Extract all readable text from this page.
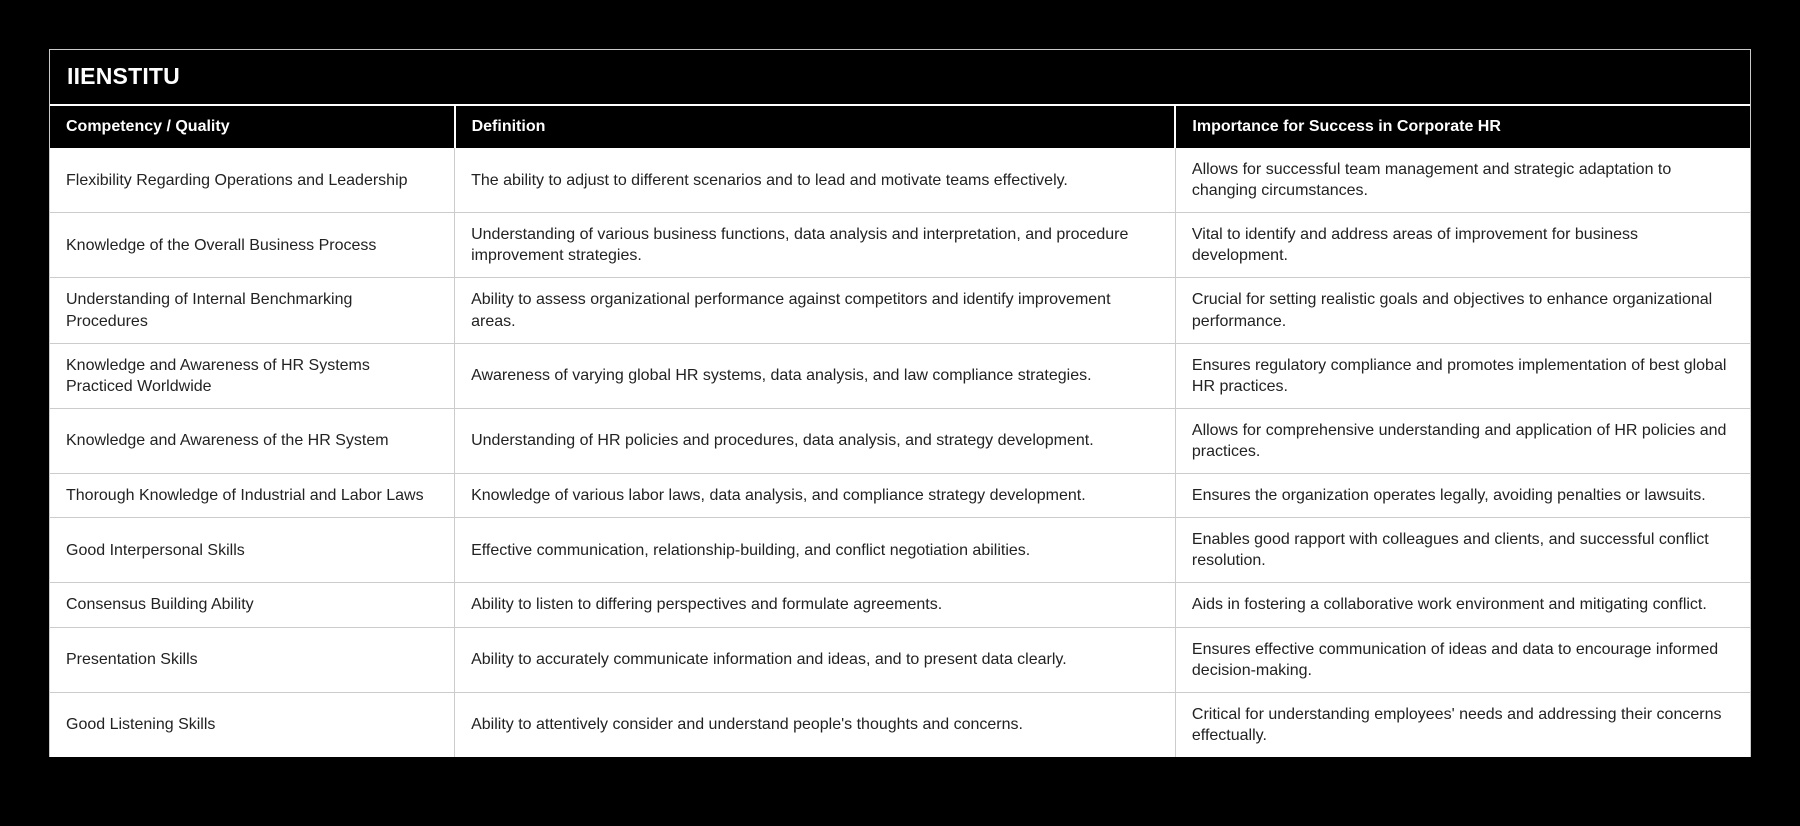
IIENSTITU
Competency / Quality	Definition	Importance for Success in Corporate HR
Flexibility Regarding Operations and Leadership	The ability to adjust to different scenarios and to lead and motivate teams effectively.	Allows for successful team management and strategic adaptation to changing circumstances.
Knowledge of the Overall Business Process	Understanding of various business functions, data analysis and interpretation, and procedure improvement strategies.	Vital to identify and address areas of improvement for business development.
Understanding of Internal Benchmarking Procedures	Ability to assess organizational performance against competitors and identify improvement areas.	Crucial for setting realistic goals and objectives to enhance organizational performance.
Knowledge and Awareness of HR Systems Practiced Worldwide	Awareness of varying global HR systems, data analysis, and law compliance strategies.	Ensures regulatory compliance and promotes implementation of best global HR practices.
Knowledge and Awareness of the HR System	Understanding of HR policies and procedures, data analysis, and strategy development.	Allows for comprehensive understanding and application of HR policies and practices.
Thorough Knowledge of Industrial and Labor Laws	Knowledge of various labor laws, data analysis, and compliance strategy development.	Ensures the organization operates legally, avoiding penalties or lawsuits.
Good Interpersonal Skills	Effective communication, relationship-building, and conflict negotiation abilities.	Enables good rapport with colleagues and clients, and successful conflict resolution.
Consensus Building Ability	Ability to listen to differing perspectives and formulate agreements.	Aids in fostering a collaborative work environment and mitigating conflict.
Presentation Skills	Ability to accurately communicate information and ideas, and to present data clearly.	Ensures effective communication of ideas and data to encourage informed decision-making.
Good Listening Skills	Ability to attentively consider and understand people's thoughts and concerns.	Critical for understanding employees' needs and addressing their concerns effectually.
